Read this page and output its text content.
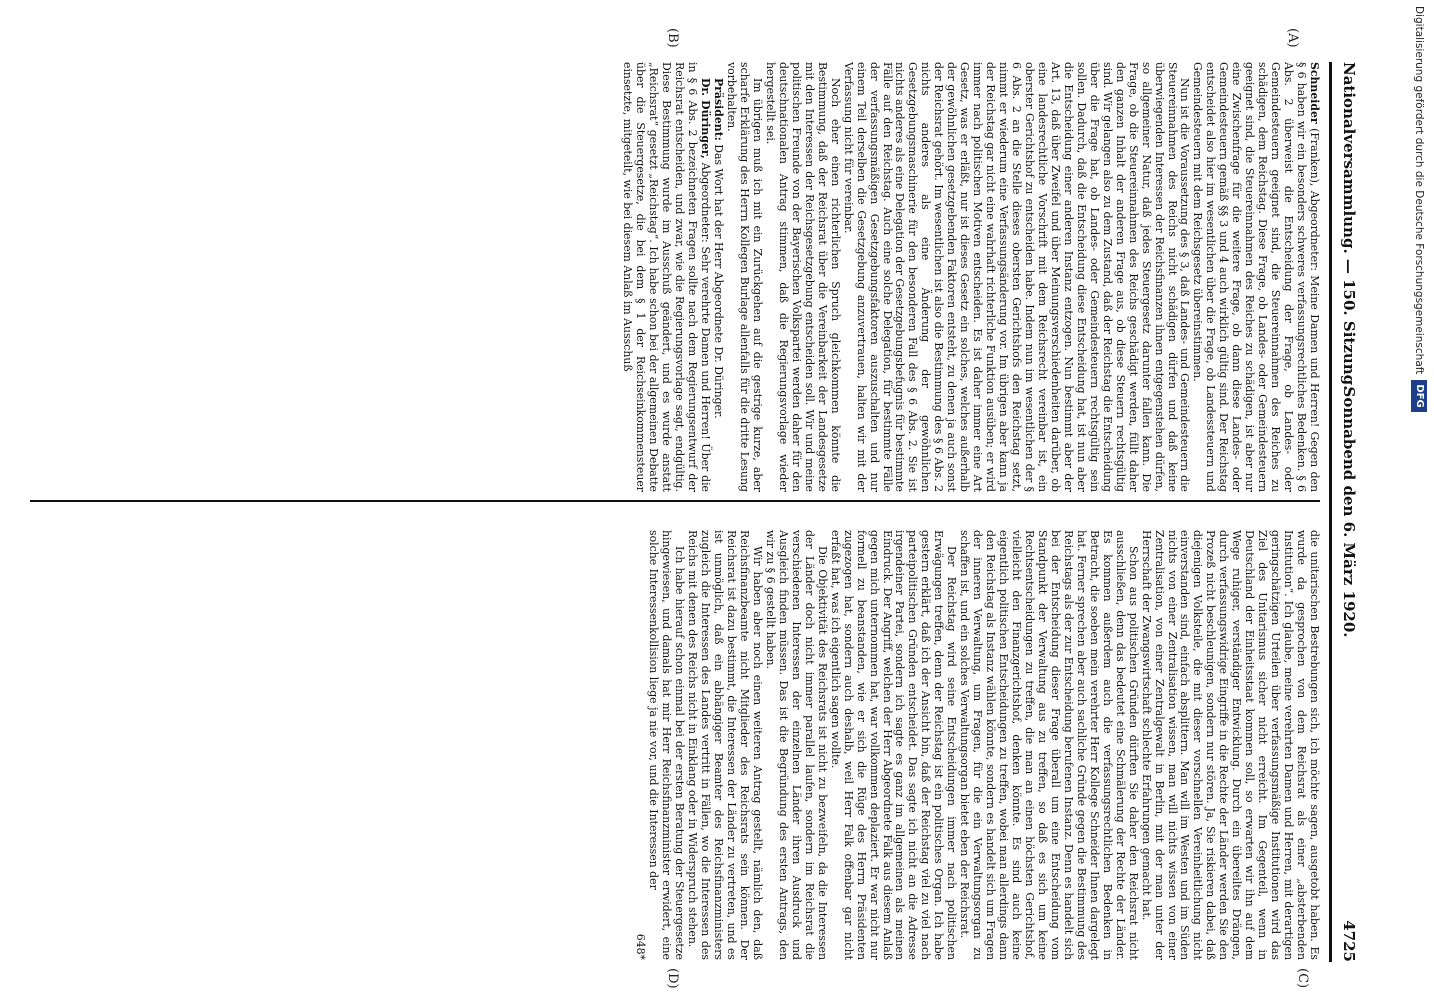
Nationalversammlung. — 150. Sitzung.
Sonnabend den 6. März 1920.
4725
(A)
(B)
(C)
(D)

Schneider (Franken), Abgeordneter: Meine Damen und Herren! Gegen den § 6 haben wir ein besonders schweres verfassungsrechtliches Bedenken. § 6 Abs. 2 überweist die Entscheidung der Frage, ob Landes- oder Gemeindesteuern geeignet sind, die Steuereinnahmen des Reiches zu schädigen, dem Reichstag. Diese Frage, ob Landes- oder Gemeindesteuern geeignet sind, die Steuereinnahmen des Reiches zu schädigen, ist aber nur eine Zwischenfrage für die weitere Frage, ob dann diese Landes- oder Gemeindesteuern gemäß §§ 3 und 4 auch wirklich gültig sind. Der Reichstag entscheidet also hier im wesentlichen über die Frage, ob Landessteuern und Gemeindesteuern mit dem Reichsgesetz übereinstimmen.

Nun ist die Voraussetzung des § 3, daß Landes- und Gemeindesteuern die Steuereinnahmen des Reichs nicht schädigen dürfen und daß keine überwiegenden Interessen der Reichsfinanzen ihnen entgegenstehen dürfen, so allgemeiner Natur, daß jedes Steuergesetz darunter fallen kann. Die Frage, ob die Steuereinnahmen des Reichs geschädigt werden, füllt daher den ganzen Inhalt der anderen Frage aus, ob diese Steuern rechtsgültig sind. Wir gelangen also zu dem Zustand, daß der Reichstag die Entscheidung über die Frage hat, ob Landes- oder Gemeindesteuern rechtsgültig sein sollen. Dadurch, daß die Entscheidung diese Entscheidung hat, ist nun aber die Entscheidung einer anderen Instanz entzogen. Nun bestimmt aber der Art. 13, daß über Zweifel und über Meinungsverschiedenheiten darüber, ob eine landesrechtliche Vorschrift mit dem Reichsrecht vereinbar ist, ein oberster Gerichtshof zu entscheiden habe. Indem nun im wesentlichen der § 6 Abs. 2 an die Stelle dieses obersten Gerichtshofs den Reichstag setzt, nimmt er wiederum eine Verfassungsänderung vor. Im übrigen aber kann ja der Reichstag gar nicht eine wahrhaft richterliche Funktion ausüben; er wird immer nach politischen Motiven entscheiden. Es ist daher immer eine Art Gesetz, was er erläßt, nur ist dieses Gesetz ein solches, welches außerhalb der gewöhnlichen gesetzgebenden Faktoren entsteht, zu denen ja auch sonst der Reichsrat gehört. Im wesentlichen ist also die Bestimmung des § 6 Abs. 2 nichts anderes als eine Änderung der gewöhnlichen Gesetzgebungsmaschinerie für den besonderen Fall des § 6 Abs. 2. Sie ist nichts anderes als eine Delegation der Gesetzgebungsbefugnis für bestimmte Fälle auf den Reichstag. Auch eine solche Delegation, für bestimmte Fälle der verfassungsmäßigen Gesetzgebungsfaktoren auszuschalten und nur einem Teil derselben die Gesetzgebung anzuvertrauen, halten wir mit der Verfassung nicht für vereinbar.

Noch eher einen richterlichen Spruch gleichkommen könnte die Bestimmung, daß der Reichsrat über die Vereinbarkeit der Landesgesetze mit den Interessen der Reichsgesetzgebung entscheiden soll. Wir und meine politischen Freunde von der Bayerischen Volkspartei werden daher für den deutschnationalen Antrag stimmen, daß die Regierungsvorlage wieder hergestellt sei.

Im übrigen muß ich mit ein Zurückgehen auf die gestrige kurze, aber scharfe Erklärung des Herrn Kollegen Burlage allenfalls für die dritte Lesung vorbehalten.

Präsident: Das Wort hat der Herr Abgeordnete Dr. Düringer.

Dr. Düringer, Abgeordneter: Sehr verehrte Damen und Herren! Über die in § 6 Abs. 2 bezeichneten Fragen sollte nach dem Regierungsentwurf der Reichsrat entscheiden, und zwar, wie die Regierungsvorlage sagt, endgültig. Diese Bestimmung wurde im Ausschuß geändert, und es wurde anstatt „Reichsrat“ gesetzt „Reichstag“. Ich habe schon bei der allgemeinen Debatte über die Steuergesetze, die bei dem § 1 der Reichseinkommensteuer einsetzte, mitgeteilt, wie bei diesem Anlaß im Ausschuß

die unitarischen Bestrebungen sich, ich möchte sagen, ausgetobt haben. Es wurde da gesprochen von dem Reichsrat als einer „absterbenden Institution“. Ich glaube, meine verehrten Damen und Herren, mit derartigen geringschätzigen Urteilen über verfassungsmäßige Institutionen wird das Ziel des Unitarismus sicher nicht erreicht. Im Gegenteil, wenn in Deutschland der Einheitsstaat kommen soll, so erwarten wir ihn auf dem Wege ruhiger, verständiger Entwicklung. Durch ein übereiltes Drängen, durch verfassungswidrige Eingriffe in die Rechte der Länder werden Sie den Prozeß nicht beschleunigen, sondern nur stören. Ja, Sie riskieren dabei, daß diejenigen Volksteile, die mit dieser vorschnellen Vereinheitlichung nicht einverstanden sind, einfach absplittern. Man will im Westen und im Süden nichts von einer Zentralisation wissen, man will nichts wissen von einer Zentralisation, von einer Zentralgewalt in Berlin, mit der man unter der Herrschaft der Zwangswirtschaft schlechte Erfahrungen gemacht hat.

Schon aus politischen Gründen dürften Sie daher den Reichsrat nicht ausschließen, denn das bedeutet eine Schmälerung der Rechte der Länder. Es kommen außerdem auch die verfassungsrechtlichen Bedenken in Betracht, die soeben mein verehrter Herr Kollege Schneider Ihnen dargelegt hat. Ferner sprechen aber auch sachliche Gründe gegen die Bestimmung des Reichstags als der zur Entscheidung berufenen Instanz. Denn es handelt sich bei der Entscheidung dieser Frage überall um eine Entscheidung vom Standpunkt der Verwaltung aus zu treffen, so daß es sich um keine Rechtsentscheidungen zu treffen, die man an einen höchsten Gerichtshof, vielleicht den Finanzgerichtshof, denken könnte. Es sind auch keine eigentlich politischen Entscheidungen zu treffen, wobei man allerdings dann den Reichstag als Instanz wählen könnte, sondern es handelt sich um Fragen der inneren Verwaltung, um Fragen, für die ein Verwaltungsorgan zu schaffen ist, und ein solches Verwaltungsorgan bietet eben der Reichsrat.

Der Reichstag wird seine Entscheidungen immer nach politischen Erwägungen treffen, denn der Reichstag ist ein politisches Organ. Ich habe gestern erklärt, daß ich der Ansicht bin, daß der Reichstag viel zu viel nach parteipolitischen Gründen entscheidet. Das sagte ich nicht an die Adresse irgendeiner Partei, sondern ich sagte es ganz im allgemeinen als meinen Eindruck. Der Angriff, welchen der Herr Abgeordnete Falk aus diesem Anlaß gegen mich unternommen hat, war vollkommen deplaziert. Er war nicht nur formell zu beanstanden, wie er sich die Rüge des Herrn Präsidenten zugezogen hat, sondern auch deshalb, weil Herr Falk offenbar gar nicht erfaßt hat, was ich eigentlich sagen wollte.

Die Objektivität des Reichsrats ist nicht zu bezweifeln, da die Interessen der Länder doch nicht immer parallel laufen, sondern im Reichsrat die verschiedenen Interessen der einzelnen Länder ihren Ausdruck und Ausgleich finden müssen. Das ist die Begründung des ersten Antrags, den wir zu § 6 gestellt haben.

Wir haben aber noch einen weiteren Antrag gestellt, nämlich den, daß Reichsfinanzbeamte nicht Mitglieder des Reichsrats sein können. Der Reichsrat ist dazu bestimmt, die Interessen der Länder zu vertreten, und es ist unmöglich, daß ein abhängiger Beamter des Reichsfinanzministers zugleich die Interessen des Landes vertritt in Fällen, wo die Interessen des Reichs mit denen des Reichs nicht in Einklang oder in Widerspruch stehen.

Ich habe hierauf schon einmal bei der ersten Beratung der Steuergesetze hingewiesen, und damals hat mir Herr Reichsfinanzminister erwidert, eine solche Interessenkollision liege ja nie vor, und die Interessen der

648*

Digitalisierung gefördert durch die Deutsche ForschungsgemeinschaftDFG
